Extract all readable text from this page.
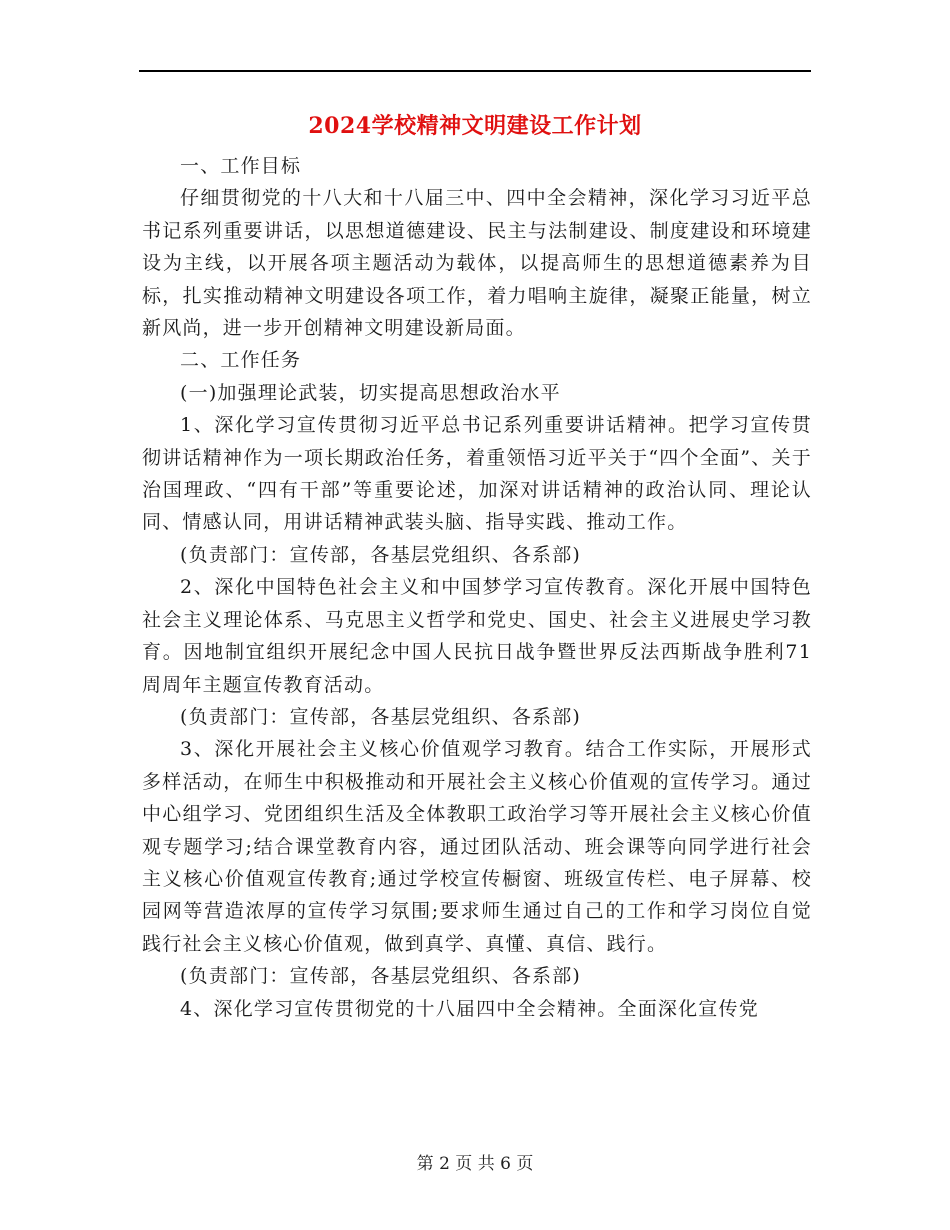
2024学校精神文明建设工作计划

一、工作目标

仔细贯彻党的十八大和十八届三中、四中全会精神，深化学习习近平总书记系列重要讲话，以思想道德建设、民主与法制建设、制度建设和环境建设为主线，以开展各项主题活动为载体，以提高师生的思想道德素养为目标，扎实推动精神文明建设各项工作，着力唱响主旋律，凝聚正能量，树立新风尚，进一步开创精神文明建设新局面。

二、工作任务

(一)加强理论武装，切实提高思想政治水平

1、深化学习宣传贯彻习近平总书记系列重要讲话精神。把学习宣传贯彻讲话精神作为一项长期政治任务，着重领悟习近平关于“四个全面”、关于治国理政、“四有干部”等重要论述，加深对讲话精神的政治认同、理论认同、情感认同，用讲话精神武装头脑、指导实践、推动工作。

(负责部门：宣传部，各基层党组织、各系部)

2、深化中国特色社会主义和中国梦学习宣传教育。深化开展中国特色社会主义理论体系、马克思主义哲学和党史、国史、社会主义进展史学习教育。因地制宜组织开展纪念中国人民抗日战争暨世界反法西斯战争胜利71周周年主题宣传教育活动。

(负责部门：宣传部，各基层党组织、各系部)

3、深化开展社会主义核心价值观学习教育。结合工作实际，开展形式多样活动，在师生中积极推动和开展社会主义核心价值观的宣传学习。通过中心组学习、党团组织生活及全体教职工政治学习等开展社会主义核心价值观专题学习;结合课堂教育内容，通过团队活动、班会课等向同学进行社会主义核心价值观宣传教育;通过学校宣传橱窗、班级宣传栏、电子屏幕、校园网等营造浓厚的宣传学习氛围;要求师生通过自己的工作和学习岗位自觉践行社会主义核心价值观，做到真学、真懂、真信、践行。

(负责部门：宣传部，各基层党组织、各系部)

4、深化学习宣传贯彻党的十八届四中全会精神。全面深化宣传党

第 2 页 共 6 页
